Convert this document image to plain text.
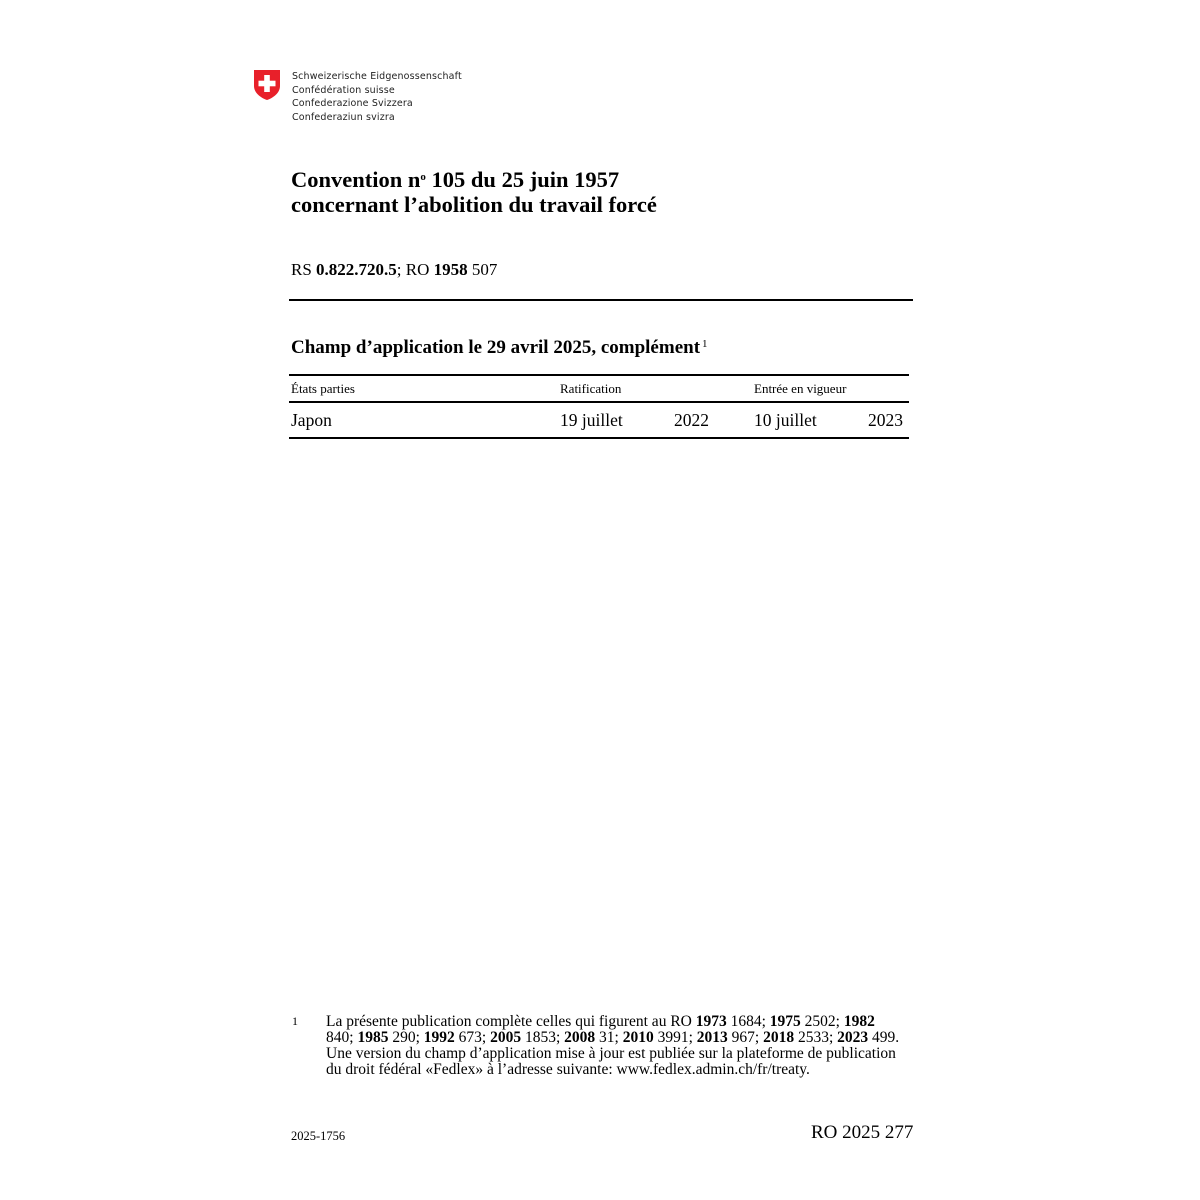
Schweizerische Eidgenossenschaft
Confédération suisse
Confederazione Svizzera
Confederaziun svizra
Convention $n^o$ 105 du 25 juin 1957
concernant l’abolition du travail forcé
RS 0.822.720.5; RO 1958 507
Champ d’application le 29 avril 2025, complément $^1$
États parties	Ratification	Entrée en vigueur
Japon	19 juillet	2022	10 juillet	2023
1 La présente publication complète celles qui figurent au RO 1973 1684; 1975 2502; 1982 840; 1985 290; 1992 673; 2005 1853; 2008 31; 2010 3991; 2013 967; 2018 2533; 2023 499. Une version du champ d’application mise à jour est publiée sur la plateforme de publication du droit fédéral «Fedlex» à l’adresse suivante: www.fedlex.admin.ch/fr/treaty.
2025-1756	RO 2025 277
